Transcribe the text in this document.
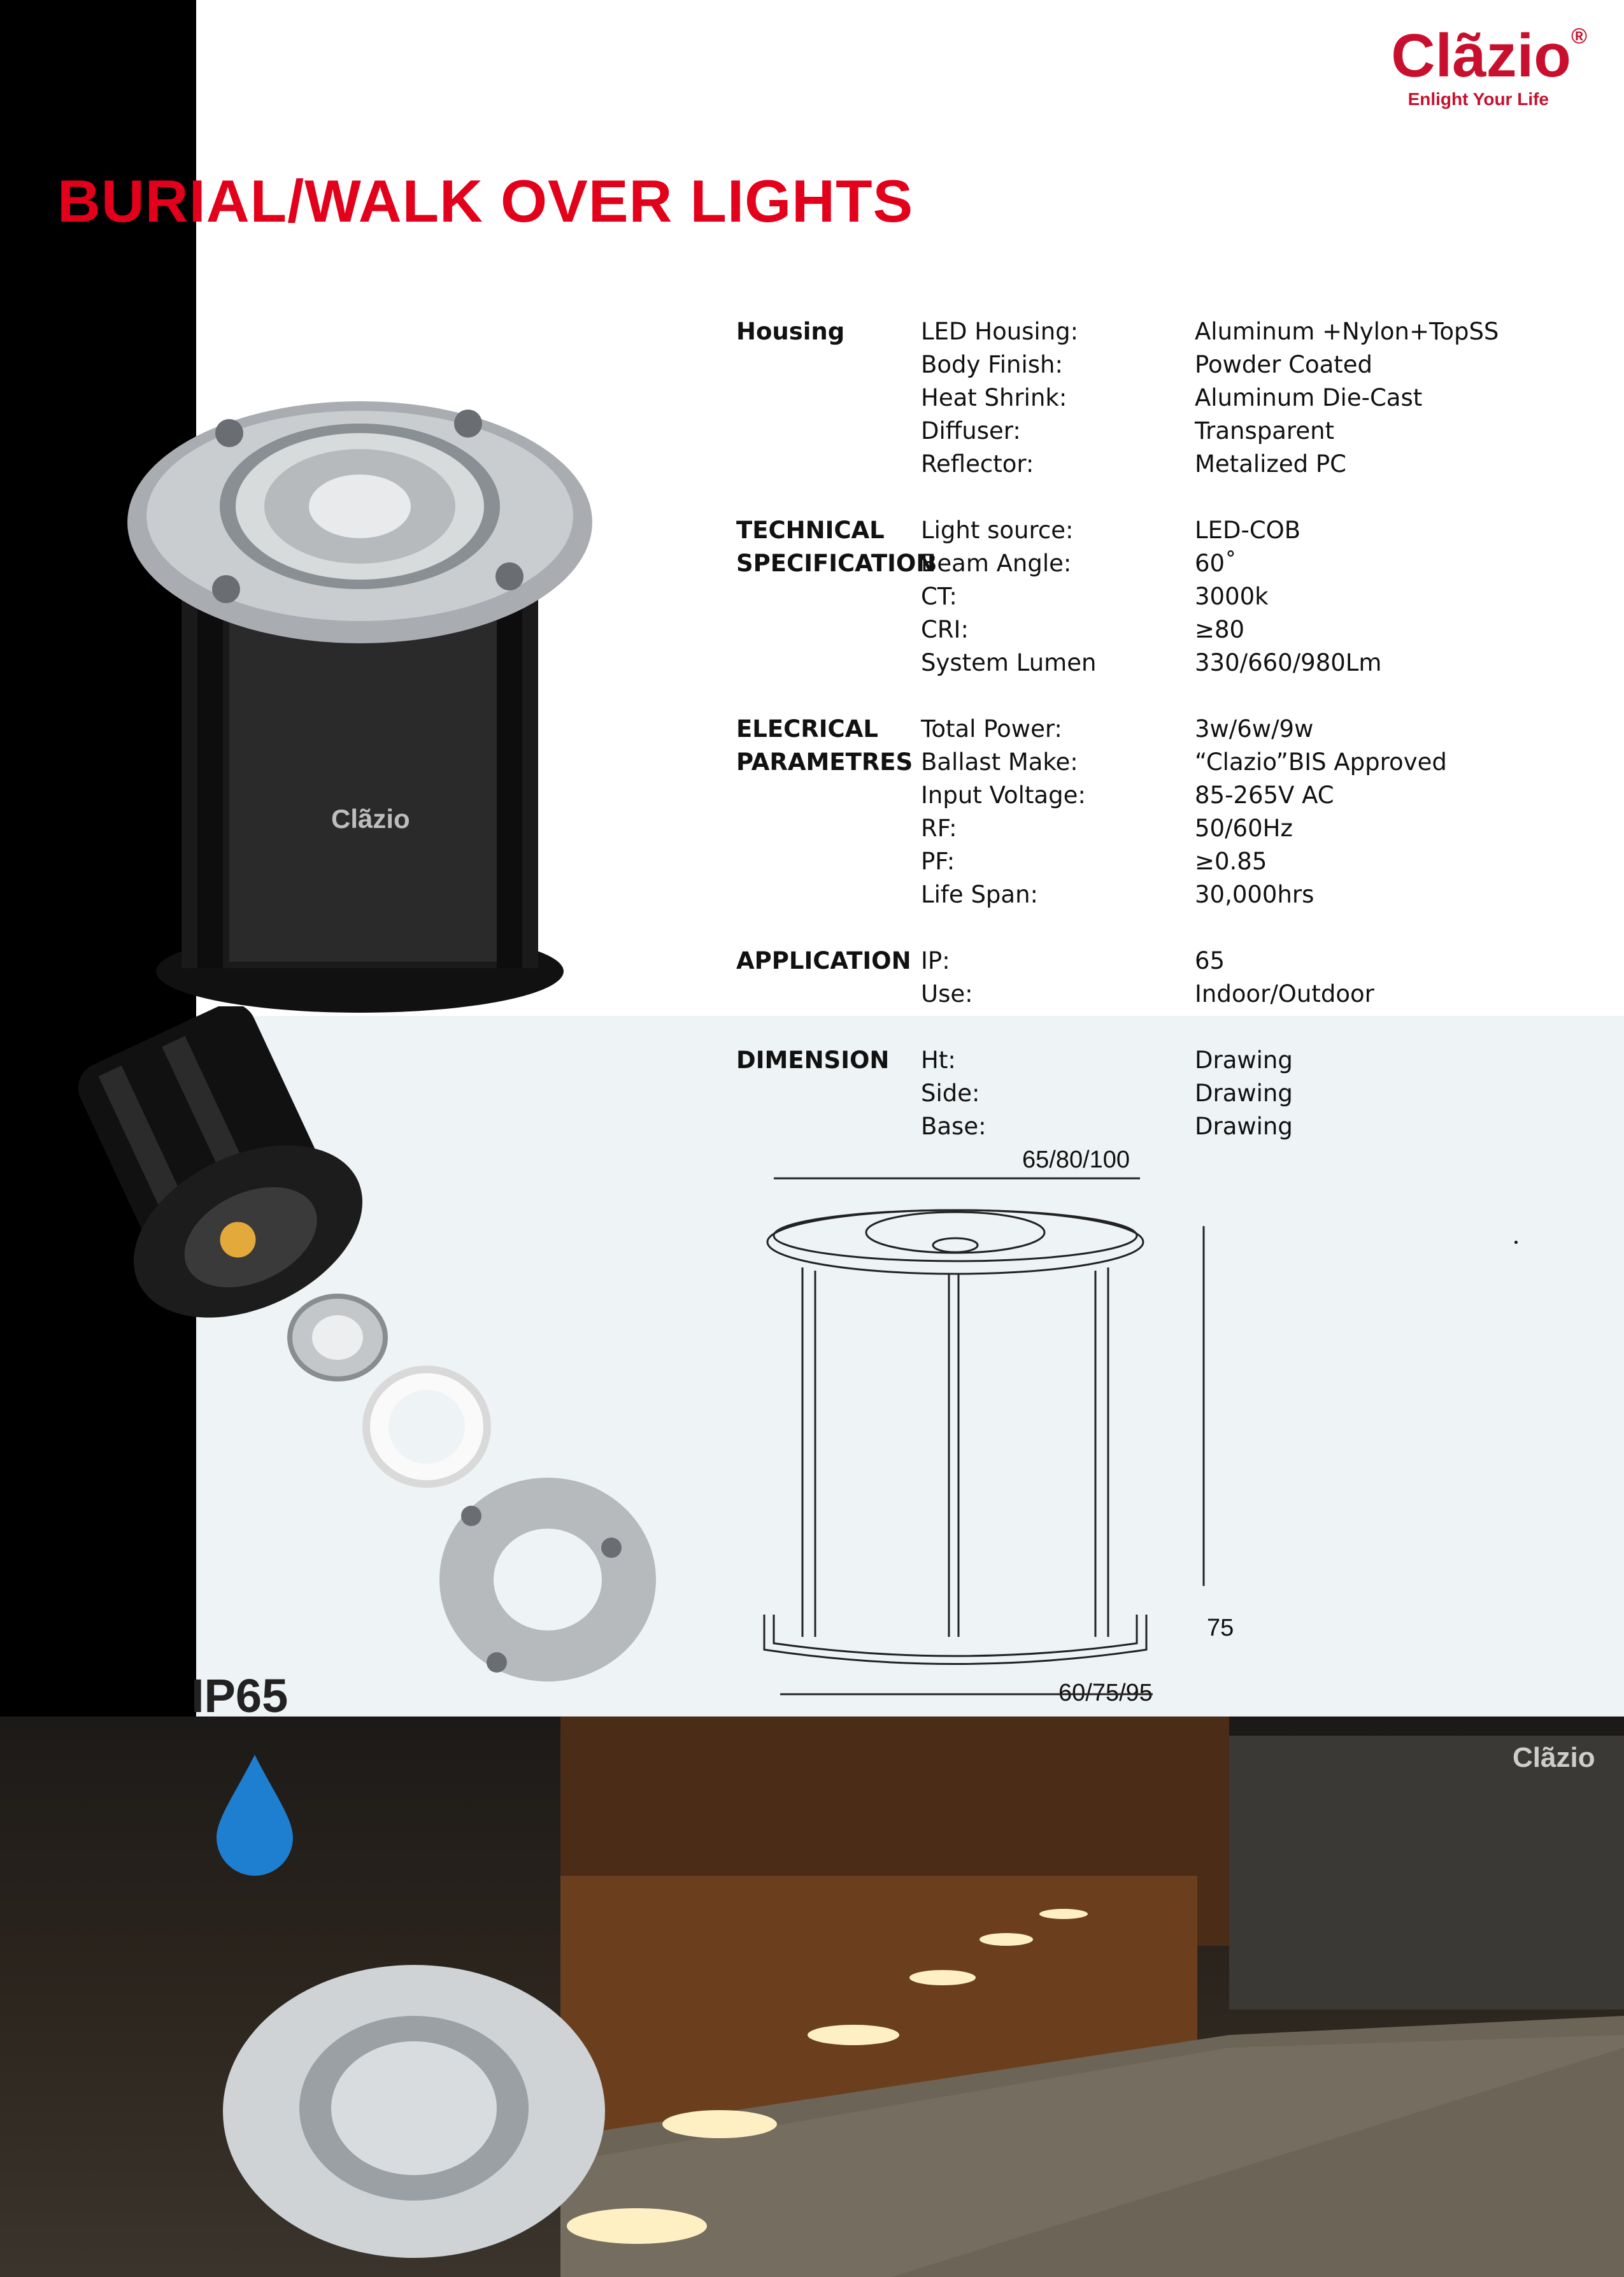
Clãzio®
Enlight Your Life
BURIAL/WALK OVER LIGHTS
Clãzio
Housing	LED Housing:	Aluminum +Nylon+TopSS
Body Finish:	Powder Coated
Heat Shrink:	Aluminum Die-Cast
Diffuser:	Transparent
Reflector:	Metalized PC
TECHNICAL	Light source:	LED-COB
SPECIFICATION
Beam Angle:	60˚
CT:	3000k
CRI:	≥80
System Lumen	330/660/980Lm
ELECRICAL	Total Power:	3w/6w/9w
PARAMETRES Ballast Make:	“Clazio”BIS Approved
Input Voltage:	85-265V AC
RF:	50/60Hz
PF:	≥0.85
Life Span:	30,000hrs
APPLICATION IP:	65
Use:	Indoor/Outdoor
DIMENSION	Ht:	Drawing
Side:	Drawing
Base:	Drawing
65/80/100
75
60/75/95
Clãzio
IP65
